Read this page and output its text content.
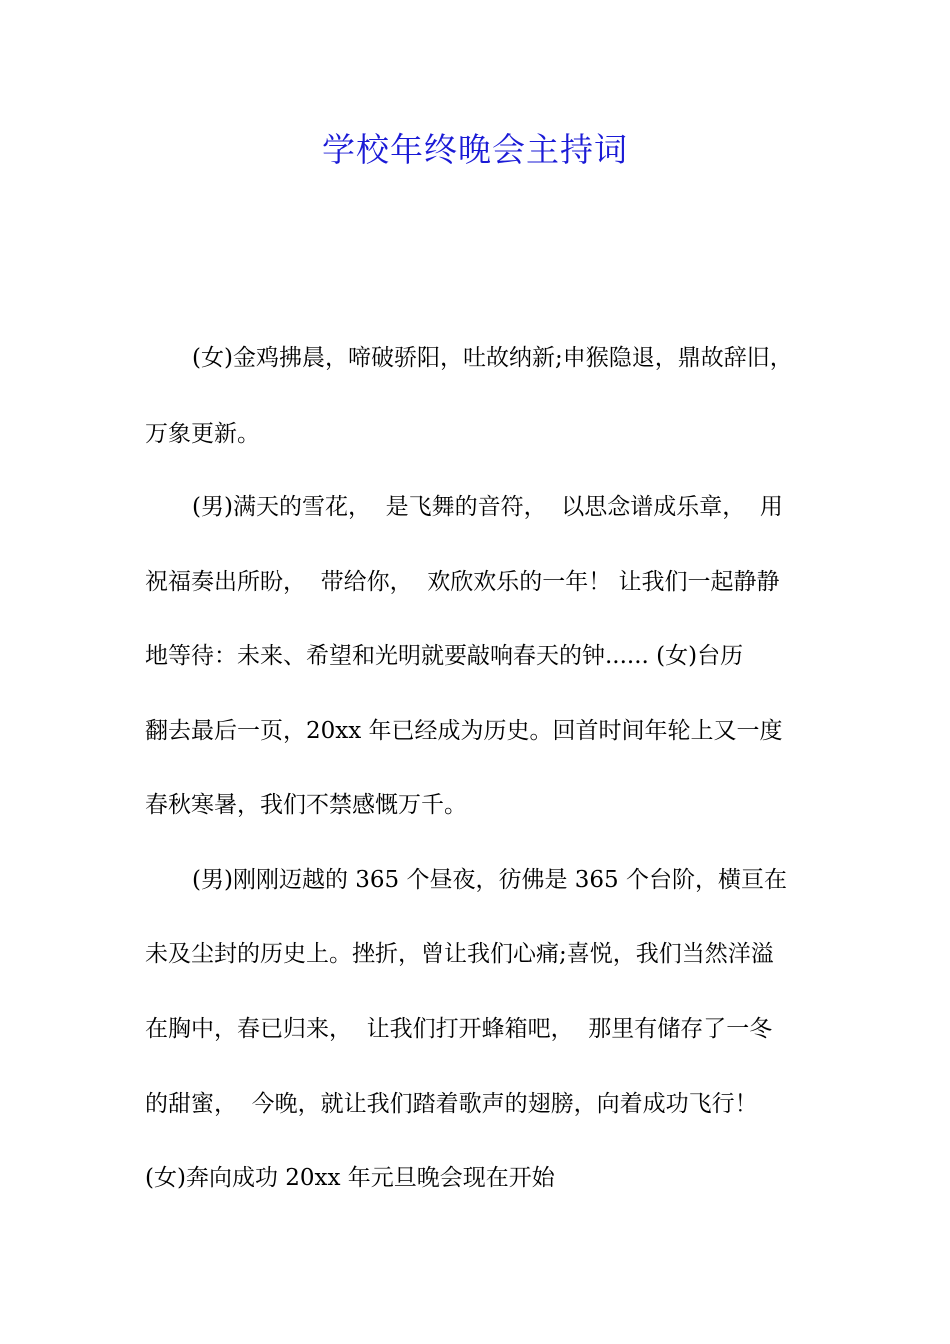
学校年终晚会主持词
(女)金鸡拂晨，啼破骄阳，吐故纳新;申猴隐退，鼎故辞旧，
万象更新。
(男)满天的雪花，  是飞舞的音符，  以思念谱成乐章，  用
祝福奏出所盼，  带给你，  欢欣欢乐的一年！ 让我们一起静静
地等待：未来、希望和光明就要敲响春天的钟...... (女)台历
翻去最后一页，20xx 年已经成为历史。回首时间年轮上又一度
春秋寒暑，我们不禁感慨万千。
(男)刚刚迈越的 365 个昼夜，彷佛是 365 个台阶，横亘在
未及尘封的历史上。挫折，曾让我们心痛;喜悦，我们当然洋溢
在胸中，春已归来，  让我们打开蜂箱吧，  那里有储存了一冬
的甜蜜，  今晚，就让我们踏着歌声的翅膀，向着成功飞行！
(女)奔向成功 20xx 年元旦晚会现在开始
